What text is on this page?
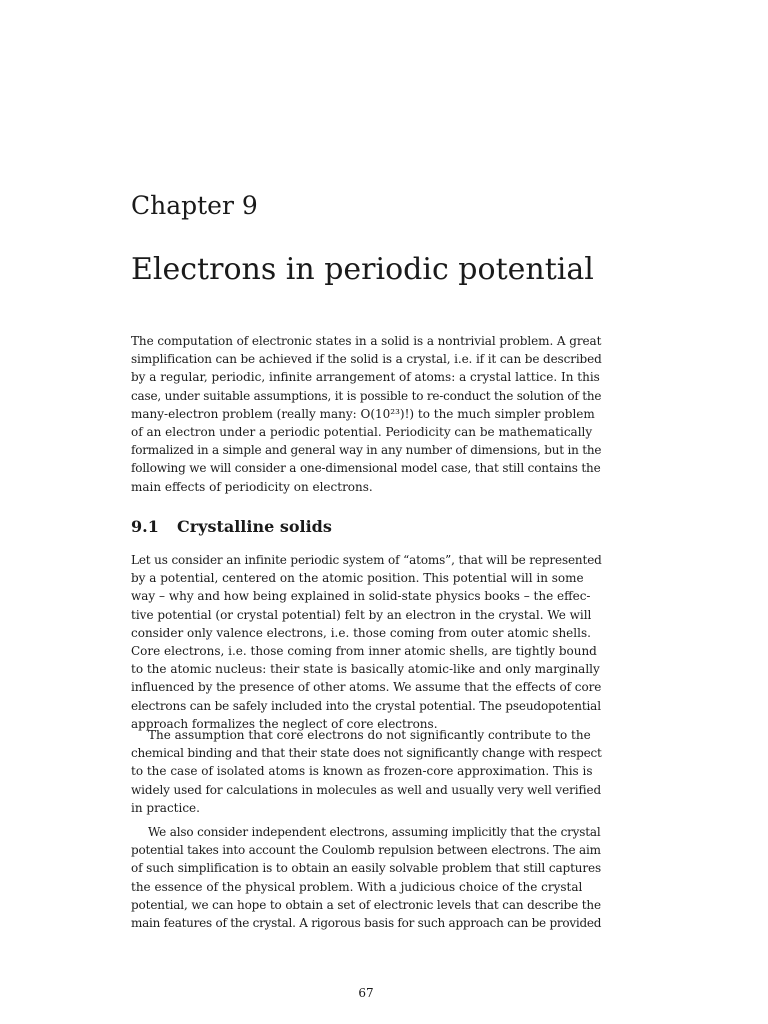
Chapter 9
Electrons in periodic potential
The computation of electronic states in a solid is a nontrivial problem. A great
simplification can be achieved if the solid is a crystal, i.e. if it can be described
by a regular, periodic, infinite arrangement of atoms: a crystal lattice. In this
case, under suitable assumptions, it is possible to re-conduct the solution of the
many-electron problem (really many: O(10²³)!) to the much simpler problem
of an electron under a periodic potential. Periodicity can be mathematically
formalized in a simple and general way in any number of dimensions, but in the
following we will consider a one-dimensional model case, that still contains the
main effects of periodicity on electrons.
9.1 Crystalline solids
Let us consider an infinite periodic system of “atoms”, that will be represented
by a potential, centered on the atomic position. This potential will in some
way – why and how being explained in solid-state physics books – the effec-
tive potential (or crystal potential) felt by an electron in the crystal. We will
consider only valence electrons, i.e. those coming from outer atomic shells.
Core electrons, i.e. those coming from inner atomic shells, are tightly bound
to the atomic nucleus: their state is basically atomic-like and only marginally
influenced by the presence of other atoms. We assume that the effects of core
electrons can be safely included into the crystal potential. The pseudopotential
approach formalizes the neglect of core electrons.
The assumption that core electrons do not significantly contribute to the
chemical binding and that their state does not significantly change with respect
to the case of isolated atoms is known as frozen-core approximation. This is
widely used for calculations in molecules as well and usually very well verified
in practice.
We also consider independent electrons, assuming implicitly that the crystal
potential takes into account the Coulomb repulsion between electrons. The aim
of such simplification is to obtain an easily solvable problem that still captures
the essence of the physical problem. With a judicious choice of the crystal
potential, we can hope to obtain a set of electronic levels that can describe the
main features of the crystal. A rigorous basis for such approach can be provided
67
